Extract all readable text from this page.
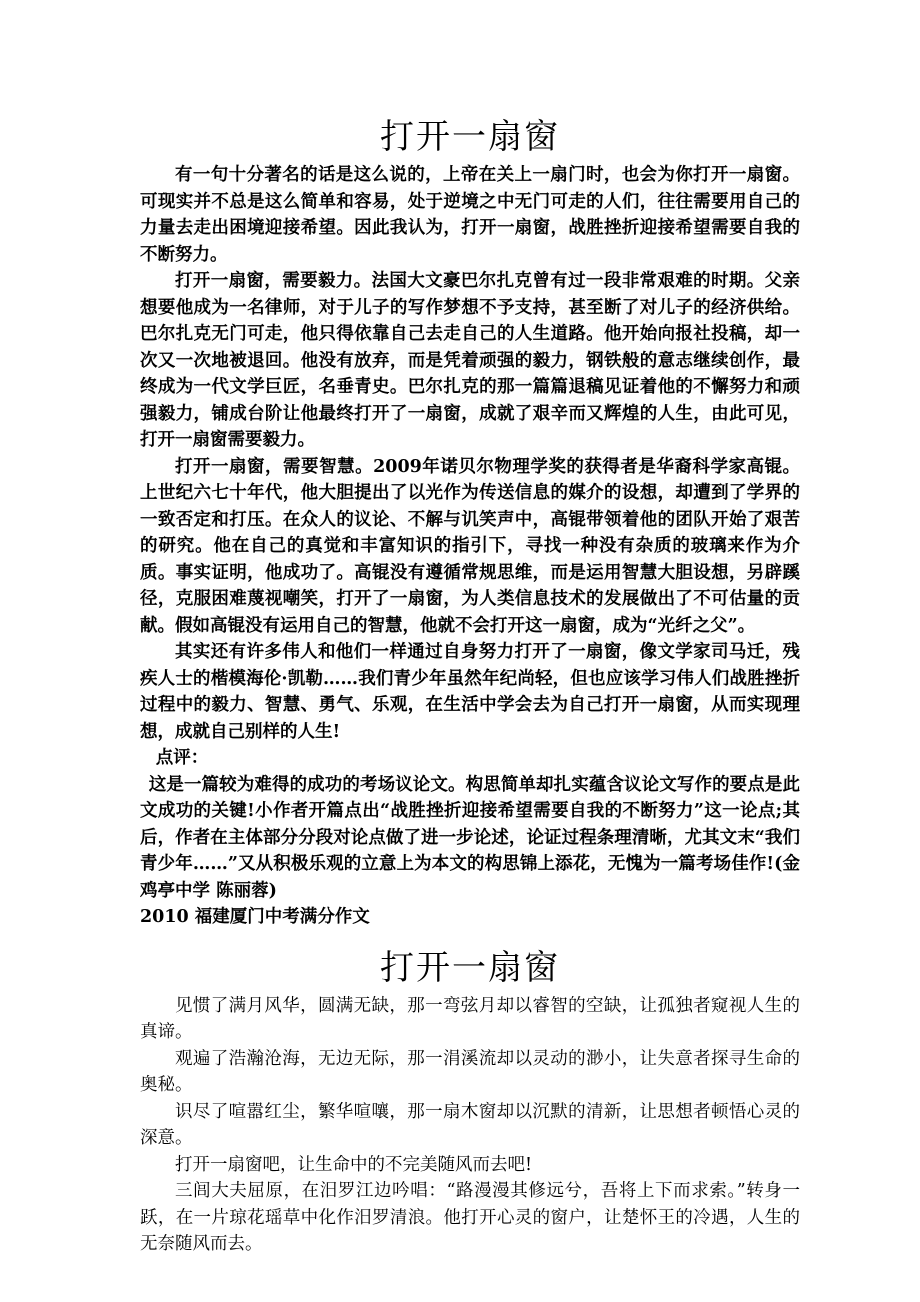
打开一扇窗

有一句十分著名的话是这么说的，上帝在关上一扇门时，也会为你打开一扇窗。可现实并不总是这么简单和容易，处于逆境之中无门可走的人们，往往需要用自己的力量去走出困境迎接希望。因此我认为，打开一扇窗，战胜挫折迎接希望需要自我的不断努力。

打开一扇窗，需要毅力。法国大文豪巴尔扎克曾有过一段非常艰难的时期。父亲想要他成为一名律师，对于儿子的写作梦想不予支持，甚至断了对儿子的经济供给。巴尔扎克无门可走，他只得依靠自己去走自己的人生道路。他开始向报社投稿，却一次又一次地被退回。他没有放弃，而是凭着顽强的毅力，钢铁般的意志继续创作，最终成为一代文学巨匠，名垂青史。巴尔扎克的那一篇篇退稿见证着他的不懈努力和顽强毅力，铺成台阶让他最终打开了一扇窗，成就了艰辛而又辉煌的人生，由此可见，打开一扇窗需要毅力。

打开一扇窗，需要智慧。2009年诺贝尔物理学奖的获得者是华裔科学家高锟。上世纪六七十年代，他大胆提出了以光作为传送信息的媒介的设想，却遭到了学界的一致否定和打压。在众人的议论、不解与讥笑声中，高锟带领着他的团队开始了艰苦的研究。他在自己的真觉和丰富知识的指引下，寻找一种没有杂质的玻璃来作为介质。事实证明，他成功了。高锟没有遵循常规思维，而是运用智慧大胆设想，另辟蹊径，克服困难蔑视嘲笑，打开了一扇窗，为人类信息技术的发展做出了不可估量的贡献。假如高锟没有运用自己的智慧，他就不会打开这一扇窗，成为“光纤之父”。

其实还有许多伟人和他们一样通过自身努力打开了一扇窗，像文学家司马迁，残疾人士的楷模海伦·凯勒……我们青少年虽然年纪尚轻，但也应该学习伟人们战胜挫折过程中的毅力、智慧、勇气、乐观，在生活中学会去为自己打开一扇窗，从而实现理想，成就自己别样的人生!

点评：

这是一篇较为难得的成功的考场议论文。构思简单却扎实蕴含议论文写作的要点是此文成功的关键!小作者开篇点出“战胜挫折迎接希望需要自我的不断努力”这一论点;其后，作者在主体部分分段对论点做了进一步论述，论证过程条理清晰，尤其文末“我们青少年……”又从积极乐观的立意上为本文的构思锦上添花，无愧为一篇考场佳作!(金鸡亭中学 陈丽蓉)

2010 福建厦门中考满分作文

打开一扇窗

见惯了满月风华，圆满无缺，那一弯弦月却以睿智的空缺，让孤独者窥视人生的真谛。

观遍了浩瀚沧海，无边无际，那一涓溪流却以灵动的渺小，让失意者探寻生命的奥秘。

识尽了喧嚣红尘，繁华喧嚷，那一扇木窗却以沉默的清新，让思想者顿悟心灵的深意。

打开一扇窗吧，让生命中的不完美随风而去吧!

三闾大夫屈原，在汨罗江边吟唱：“路漫漫其修远兮，吾将上下而求索。”转身一跃，在一片琼花瑶草中化作汨罗清浪。他打开心灵的窗户，让楚怀王的冷遇，人生的无奈随风而去。
